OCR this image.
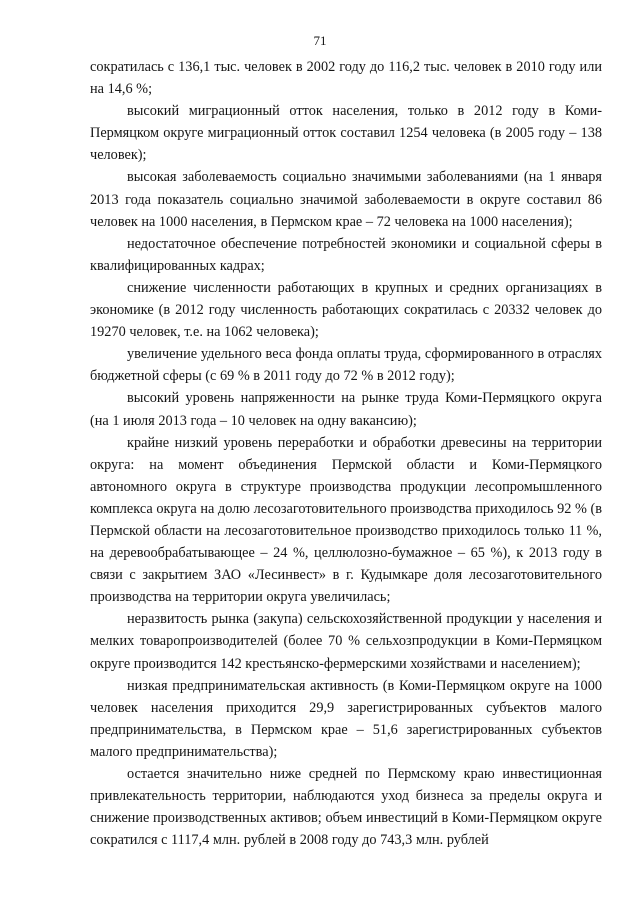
71

сократилась с 136,1 тыс. человек в 2002 году до 116,2 тыс. человек в 2010 году или на 14,6 %;

высокий миграционный отток населения, только в 2012 году в Коми-Пермяцком округе миграционный отток составил 1254 человека (в 2005 году – 138 человек);

высокая заболеваемость социально значимыми заболеваниями (на 1 января 2013 года показатель социально значимой заболеваемости в округе составил 86 человек на 1000 населения, в Пермском крае – 72 человека на 1000 населения);

недостаточное обеспечение потребностей экономики и социальной сферы в квалифицированных кадрах;

снижение численности работающих в крупных и средних организациях в экономике (в 2012 году численность работающих сократилась с 20332 человек до 19270 человек, т.е. на 1062 человека);

увеличение удельного веса фонда оплаты труда, сформированного в отраслях бюджетной сферы (с 69 % в 2011 году до 72 % в 2012 году);

высокий уровень напряженности на рынке труда Коми-Пермяцкого округа (на 1 июля 2013 года – 10 человек на одну вакансию);

крайне низкий уровень переработки и обработки древесины на территории округа: на момент объединения Пермской области и Коми-Пермяцкого автономного округа в структуре производства продукции лесопромышленного комплекса округа на долю лесозаготовительного производства приходилось 92 % (в Пермской области на лесозаготовительное производство приходилось только 11 %, на деревообрабатывающее – 24 %, целлюлозно-бумажное – 65 %), к 2013 году в связи с закрытием ЗАО «Лесинвест» в г. Кудымкаре доля лесозаготовительного производства на территории округа увеличилась;

неразвитость рынка (закупа) сельскохозяйственной продукции у населения и мелких товаропроизводителей (более 70 % сельхозпродукции в Коми-Пермяцком округе производится 142 крестьянско-фермерскими хозяйствами и населением);

низкая предпринимательская активность (в Коми-Пермяцком округе на 1000 человек населения приходится 29,9 зарегистрированных субъектов малого предпринимательства, в Пермском крае – 51,6 зарегистрированных субъектов малого предпринимательства);

остается значительно ниже средней по Пермскому краю инвестиционная привлекательность территории, наблюдаются уход бизнеса за пределы округа и снижение производственных активов; объем инвестиций в Коми-Пермяцком округе сократился с 1117,4 млн. рублей в 2008 году до 743,3 млн. рублей
